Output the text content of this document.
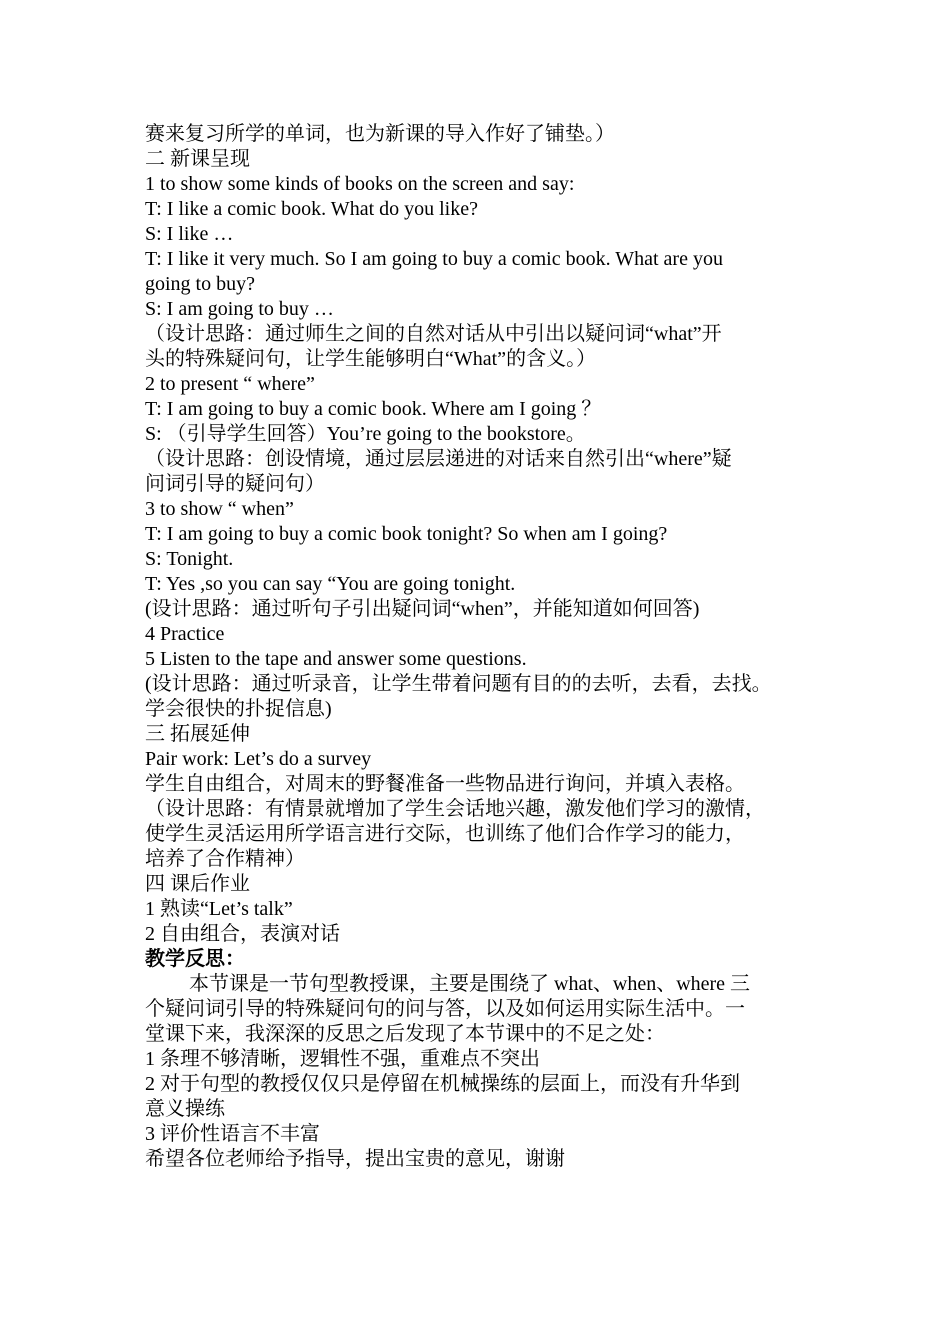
赛来复习所学的单词，也为新课的导入作好了铺垫。）
二 新课呈现
1 to show some kinds of books on the screen and say:
T: I like a comic book. What do you like?
S: I like …
T: I like it very much. So I am going to buy a comic book. What are you
going to buy?
S: I am going to buy …
（设计思路：通过师生之间的自然对话从中引出以疑问词“what”开
头的特殊疑问句，让学生能够明白“What”的含义。）
2 to present “ where”
T: I am going to buy a comic book. Where am I going ？
S: （引导学生回答）You’re going to the bookstore。
（设计思路：创设情境，通过层层递进的对话来自然引出“where”疑
问词引导的疑问句）
3 to show “ when”
T: I am going to buy a comic book tonight? So when am I going?
S: Tonight.
T: Yes ,so you can say “You are going tonight.
(设计思路：通过听句子引出疑问词“when”，并能知道如何回答)
4 Practice
5 Listen to the tape and answer some questions.
(设计思路：通过听录音，让学生带着问题有目的的去听，去看，去找。
学会很快的扑捉信息)
三 拓展延伸
Pair work: Let’s do a survey
学生自由组合，对周末的野餐准备一些物品进行询问，并填入表格。
（设计思路：有情景就增加了学生会话地兴趣，激发他们学习的激情，
使学生灵活运用所学语言进行交际，也训练了他们合作学习的能力，
培养了合作精神）
四 课后作业
1 熟读“Let’s talk”
2 自由组合，表演对话
教学反思：
本节课是一节句型教授课，主要是围绕了 what、when、where 三
个疑问词引导的特殊疑问句的问与答，以及如何运用实际生活中。一
堂课下来，我深深的反思之后发现了本节课中的不足之处：
1 条理不够清晰，逻辑性不强，重难点不突出
2 对于句型的教授仅仅只是停留在机械操练的层面上，而没有升华到
意义操练
3 评价性语言不丰富
希望各位老师给予指导，提出宝贵的意见，谢谢
